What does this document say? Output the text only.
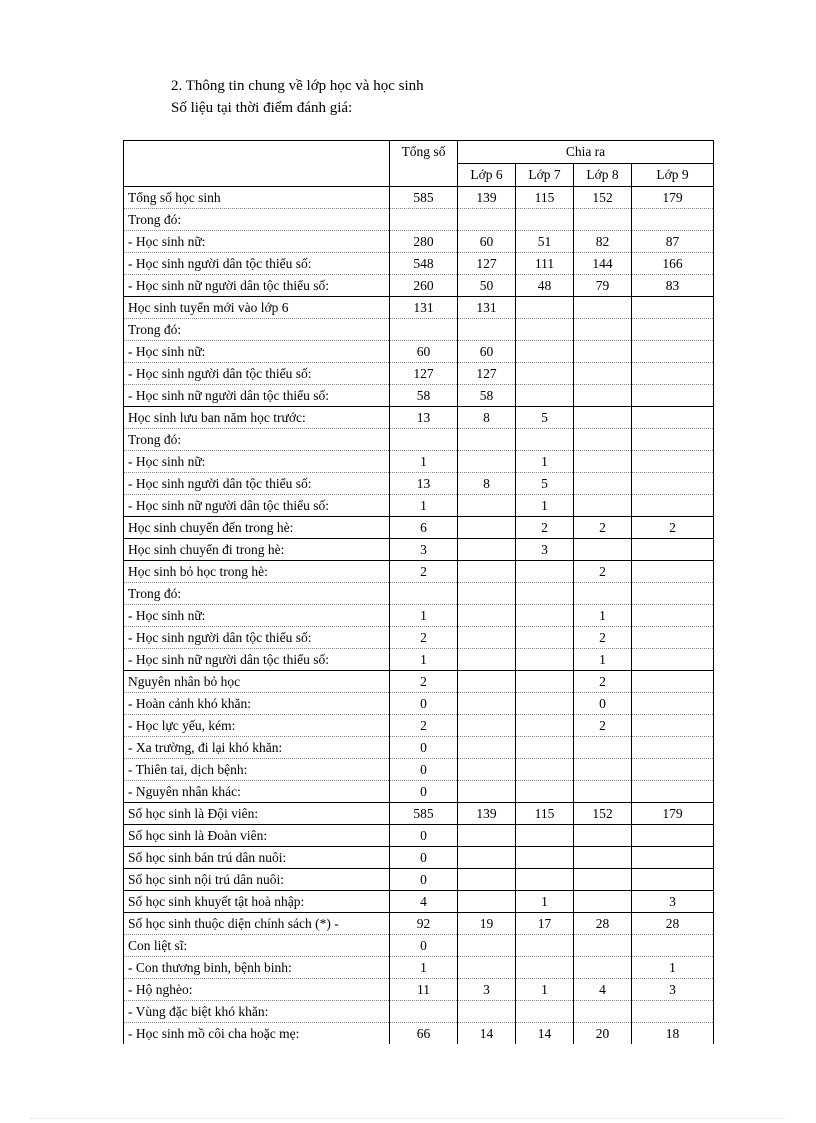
2. Thông tin chung về lớp học và học sinh
Số liệu tại thời điểm đánh giá:
	Tổng số	Chia ra			
		Lớp 6	Lớp 7	Lớp 8	Lớp 9
Tổng số học sinh	585	139	115	152	179
Trong đó:					
- Học sinh nữ:	280	60	51	82	87
- Học sinh người dân tộc thiểu số:	548	127	111	144	166
- Học sinh nữ người dân tộc thiểu số:	260	50	48	79	83
Học sinh tuyển mới vào lớp 6	131	131			
Trong đó:					
- Học sinh nữ:	60	60			
- Học sinh người dân tộc thiểu số:	127	127			
- Học sinh nữ người dân tộc thiểu số:	58	58			
Học sinh lưu ban năm học trước:	13	8	5		
Trong đó:					
- Học sinh nữ:	1		1		
- Học sinh người dân tộc thiểu số:	13	8	5		
- Học sinh nữ người dân tộc thiểu số:	1		1		
Học sinh chuyển đến trong hè:	6		2	2	2
Học sinh chuyển đi trong hè:	3		3		
Học sinh bỏ học trong hè:	2			2	
Trong đó:					
- Học sinh nữ:	1			1	
- Học sinh người dân tộc thiểu số:	2			2	
- Học sinh nữ người dân tộc thiểu số:	1			1	
Nguyên nhân bỏ học	2			2	
- Hoàn cảnh khó khăn:	0			0	
- Học lực yếu, kém:	2			2	
- Xa trường, đi lại khó khăn:	0				
- Thiên tai, dịch bệnh:	0				
- Nguyên nhân khác:	0				
Số học sinh là Đội viên:	585	139	115	152	179
Số học sinh là Đoàn viên:	0				
Số học sinh bán trú dân nuôi:	0				
Số học sinh nội trú dân nuôi:	0				
Số học sinh khuyết tật hoà nhập:	4		1		3
Số học sinh thuộc diện chính sách (*) -	92	19	17	28	28
Con liệt sĩ:	0				
- Con thương binh, bệnh binh:	1				1
- Hộ nghèo:	11	3	1	4	3
- Vùng đặc biệt khó khăn:					
- Học sinh mồ côi cha hoặc mẹ:	66	14	14	20	18
